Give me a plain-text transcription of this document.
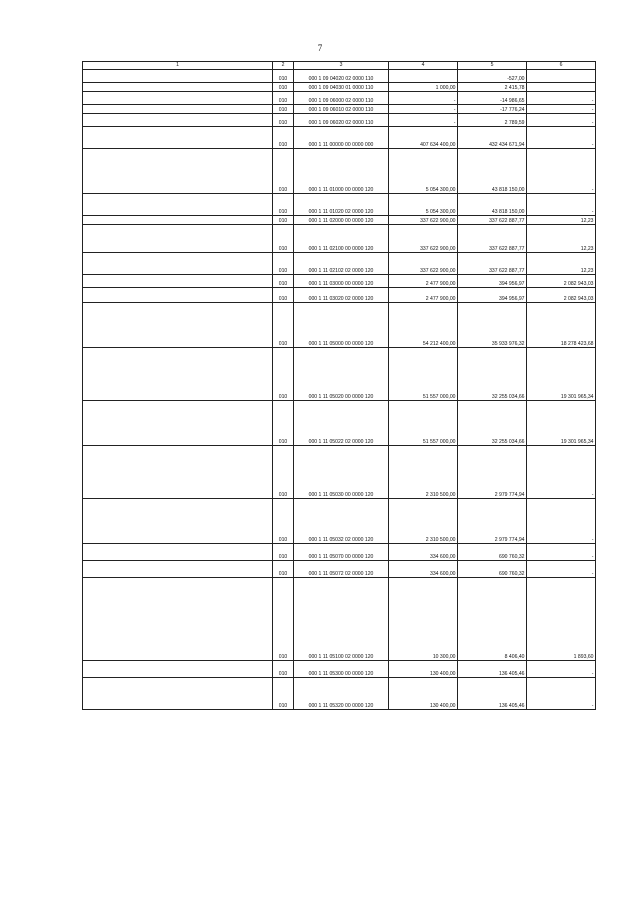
7
1	2	3	4	5	6
	010	000 1 09 04020 02 0000 110		-527,00	
	010	000 1 09 04030 01 0000 110	1 000,00	2 415,78	
	010	000 1 09 06000 02 0000 110	-	-14 986,65	-
	010	000 1 09 06010 02 0000 110	-	-17 776,24	-
	010	000 1 09 06020 02 0000 110	-	2 789,59	-
	010	000 1 11 00000 00 0000 000	407 634 400,00	432 434 671,94	-
	010	000 1 11 01000 00 0000 120	5 054 300,00	43 818 150,00	-
	010	000 1 11 01020 02 0000 120	5 054 300,00	43 818 150,00	-
	010	000 1 11 02000 00 0000 120	337 622 900,00	337 622 887,77	12,23
	010	000 1 11 02100 00 0000 120	337 622 900,00	337 622 887,77	12,23
	010	000 1 11 02102 02 0000 120	337 622 900,00	337 622 887,77	12,23
	010	000 1 11 03000 00 0000 120	2 477 900,00	394 956,97	2 082 943,03
	010	000 1 11 03020 02 0000 120	2 477 900,00	394 956,97	2 082 943,03
	010	000 1 11 05000 00 0000 120	54 212 400,00	35 933 976,32	18 278 423,68
	010	000 1 11 05020 00 0000 120	51 557 000,00	32 255 034,66	19 301 965,34
	010	000 1 11 05022 02 0000 120	51 557 000,00	32 255 034,66	19 301 965,34
	010	000 1 11 05030 00 0000 120	2 310 500,00	2 979 774,94	-
	010	000 1 11 05032 02 0000 120	2 310 500,00	2 979 774,94	-
	010	000 1 11 05070 00 0000 120	334 600,00	690 760,32	-
	010	000 1 11 05072 02 0000 120	334 600,00	690 760,32	-
	010	000 1 11 05100 02 0000 120	10 300,00	8 406,40	1 893,60
	010	000 1 11 05300 00 0000 120	130 400,00	136 405,46	-
	010	000 1 11 05320 00 0000 120	130 400,00	136 405,46	-
